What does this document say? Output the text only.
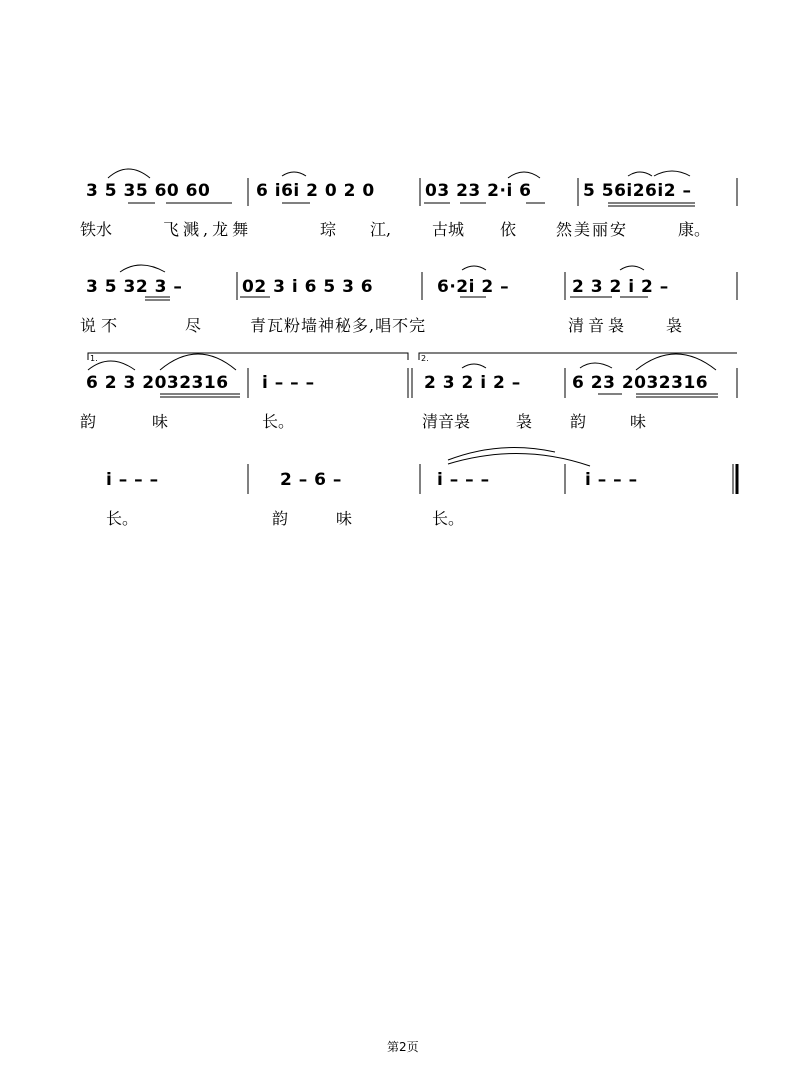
3 5 35 60 60	6 i6i 2 0 2 0	03 23 2·i 6	5 56i26i2 –
铁水	飞溅,龙舞	琮 江,	古城 依 然美丽安	康。
3 5 32 3 –	02 3 i 6 5 3 6	6·2i 2 –	2 3 2 i 2 –
说 不	尽	青瓦粉墙神秘多,唱不完	清音袅 袅
1.	2.
6 2 3 2032316 i – – –	2 3 2 i 2 –	6 23 2032316
韵	味	长。	清音袅	袅 韵	味
i – – –	2 – 6 –	i – – –	i – – –
长。	韵	味	长。
第2页
